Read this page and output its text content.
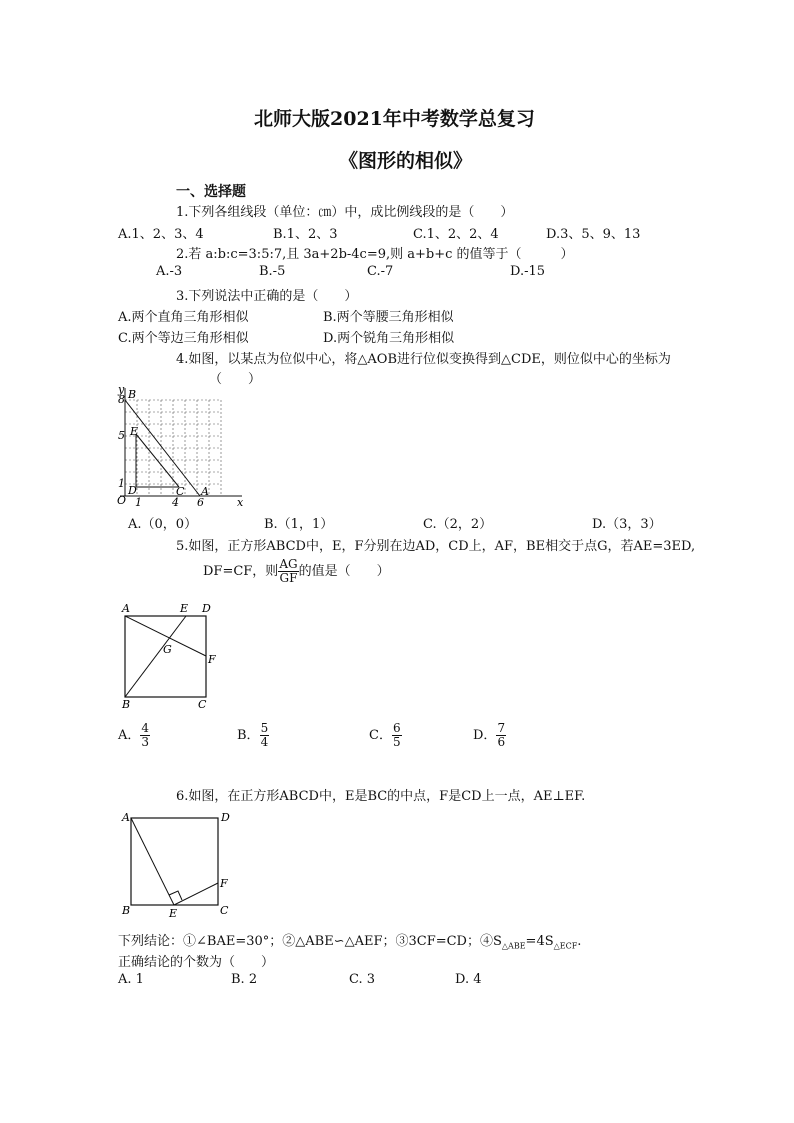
北师大版2021年中考数学总复习
《图形的相似》
一、选择题
1.下列各组线段（单位：㎝）中，成比例线段的是（　　）
A.1、2、3、4	B.1、2、3	C.1、2、2、4	D.3、5、9、13
2.若 a:b:c=3:5:7,且 3a+2b-4c=9,则 a+b+c 的值等于（　　　）
A.-3	B.-5	C.-7	D.-15
3.下列说法中正确的是（　　）
A.两个直角三角形相似	B.两个等腰三角形相似
C.两个等边三角形相似	D.两个锐角三角形相似
4.如图，以某点为位似中心，将△AOB进行位似变换得到△CDE，则位似中心的坐标为
（　　）
y
x
O
8
5
1
1	4 6
B
E
D	C A
A.（0，0）	B.（1，1）	C.（2，2）	D.（3，3）
5.如图，正方形ABCD中，E，F分别在边AD，CD上，AF，BE相交于点G，若AE=3ED,
DF=CF，则 $\frac{AG}{GF}$ 的值是（　　）
A	E D
G
F
B	C
A． $\frac{4}{3}$	B． $\frac{5}{4}$	C． $\frac{6}{5}$	D． $\frac{7}{6}$
6.如图，在正方形ABCD中，E是BC的中点，F是CD上一点，AE⊥EF.
A	D
F
B	E	C
下列结论：①∠BAE=30°；②△ABE∽△AEF；③3CF=CD；$④S_{\triangle ABE}=4S_{\triangle ECF}$.
正确结论的个数为（　　）
A. 1	B. 2	C. 3	D. 4
